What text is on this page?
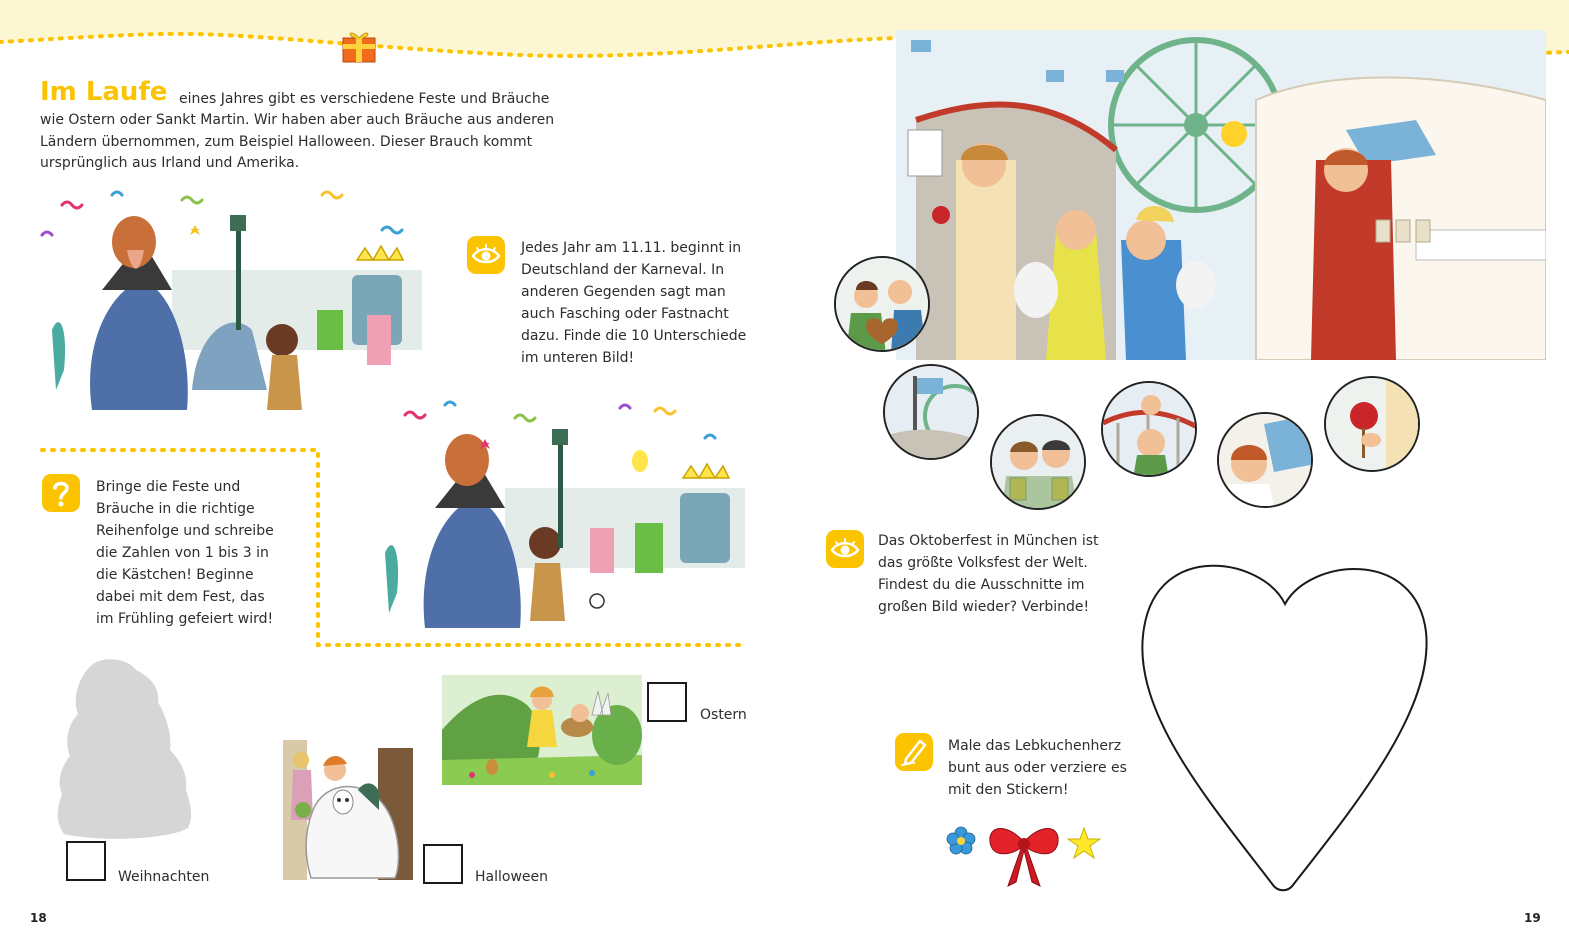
Im Laufe eines Jahres gibt es verschiedene Feste und Bräuche
wie Ostern oder Sankt Martin. Wir haben aber auch Bräuche aus anderen
Ländern übernommen, zum Beispiel Halloween. Dieser Brauch kommt
ursprünglich aus Irland und Amerika.
Jedes Jahr am 11.11. beginnt in
Deutschland der Karneval. In
anderen Gegenden sagt man
auch Fasching oder Fastnacht
dazu. Finde die 10 Unterschiede
im unteren Bild!
Bringe die Feste und
Bräuche in die richtige
Reihenfolge und schreibe
die Zahlen von 1 bis 3 in
die Kästchen! Beginne
dabei mit dem Fest, das
im Frühling gefeiert wird!
Weihnachten	Halloween
Ostern
Das Oktoberfest in München ist
das größte Volksfest der Welt.
Findest du die Ausschnitte im
großen Bild wieder? Verbinde!
Male das Lebkuchenherz
bunt aus oder verziere es
mit den Stickern!
18	19
